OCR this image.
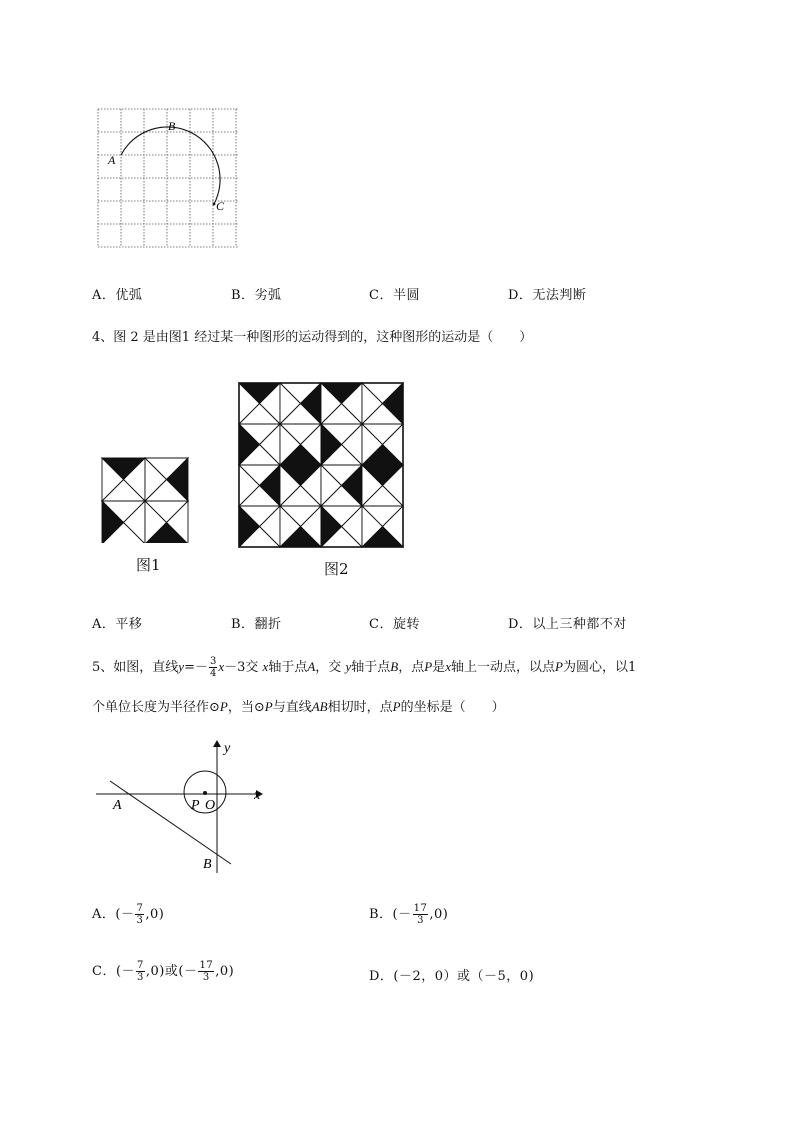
B
A
C
A．优弧	B．劣弧	C．半圆	D．无法判断
4、图 2 是由图1 经过某一种图形的运动得到的，这种图形的运动是（　　）
图1	图2
A．平移	C．旋转
B．翻折	D．以上三种都不对
5、如图，直线$y=- \frac{3}{4} x-3$交 x轴于点A，交 y轴于点B，点P是x轴上一动点，以点P为圆心，以1
个单位长度为半径作⊙P，当⊙P与直线AB相切时，点P的坐标是（　　）
y
x
A	P O
B
A．(－ $\frac{7}{3} ,0$)	B．(－ $\frac{17}{3} ,0$)
C．(－ $\frac{7}{3} ,0$)或(－ $\frac{17}{3} ,0$)	D．(－2，0）或（－5，0)
